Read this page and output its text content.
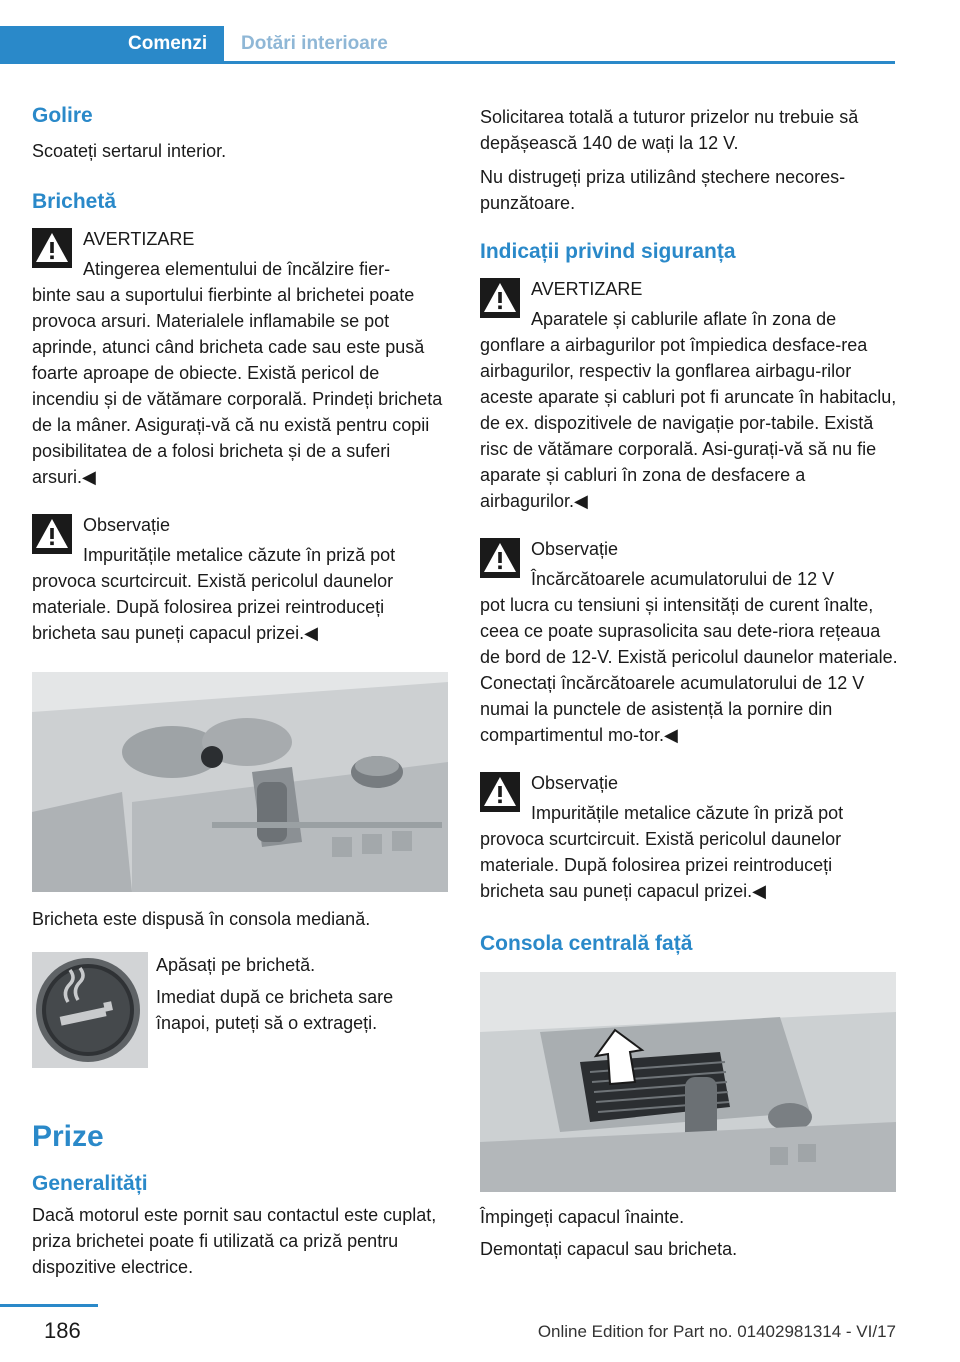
Comenzi	Dotări interioare
Golire
Scoateți sertarul interior.
Brichetă
AVERTIZARE
Atingerea elementului de încălzire fier-
binte sau a suportului fierbinte al brichetei poate provoca arsuri. Materialele inflamabile se pot aprinde, atunci când bricheta cade sau este pusă foarte aproape de obiecte. Există pericol de incendiu și de vătămare corporală. Prindeți bricheta de la mâner. Asigurați-vă că nu există pentru copii posibilitatea de a folosi bricheta și de a suferi arsuri.◀
Observație
Impuritățile metalice căzute în priză pot
provoca scurtcircuit. Există pericolul daunelor materiale. După folosirea prizei reintroduceți bricheta sau puneți capacul prizei.◀
Bricheta este dispusă în consola mediană.
Apăsați pe brichetă.
Imediat după ce bricheta sare înapoi, puteți să o extrageți.
Prize
Generalități
Dacă motorul este pornit sau contactul este cuplat, priza brichetei poate fi utilizată ca priză pentru dispozitive electrice.
Solicitarea totală a tuturor prizelor nu trebuie să depășească 140 de wați la 12 V.
Nu distrugeți priza utilizând ștechere necores-punzătoare.
Indicații privind siguranța
AVERTIZARE
Aparatele și cablurile aflate în zona de
gonflare a airbagurilor pot împiedica desface-rea airbagurilor, respectiv la gonflarea airbagu-rilor aceste aparate și cabluri pot fi aruncate în habitaclu, de ex. dispozitivele de navigație por-tabile. Există risc de vătămare corporală. Asi-gurați-vă să nu fie aparate și cabluri în zona de desfacere a airbagurilor.◀
Observație
Încărcătoarele acumulatorului de 12 V
pot lucra cu tensiuni și intensități de curent înalte, ceea ce poate suprasolicita sau dete-riora rețeaua de bord de 12-V. Există pericolul daunelor materiale. Conectați încărcătoarele acumulatorului de 12 V numai la punctele de asistență la pornire din compartimentul mo-tor.◀
Observație
Impuritățile metalice căzute în priză pot
provoca scurtcircuit. Există pericolul daunelor materiale. După folosirea prizei reintroduceți bricheta sau puneți capacul prizei.◀
Consola centrală față
Împingeți capacul înainte.
Demontați capacul sau bricheta.
186	Online Edition for Part no. 01402981314 - VI/17
